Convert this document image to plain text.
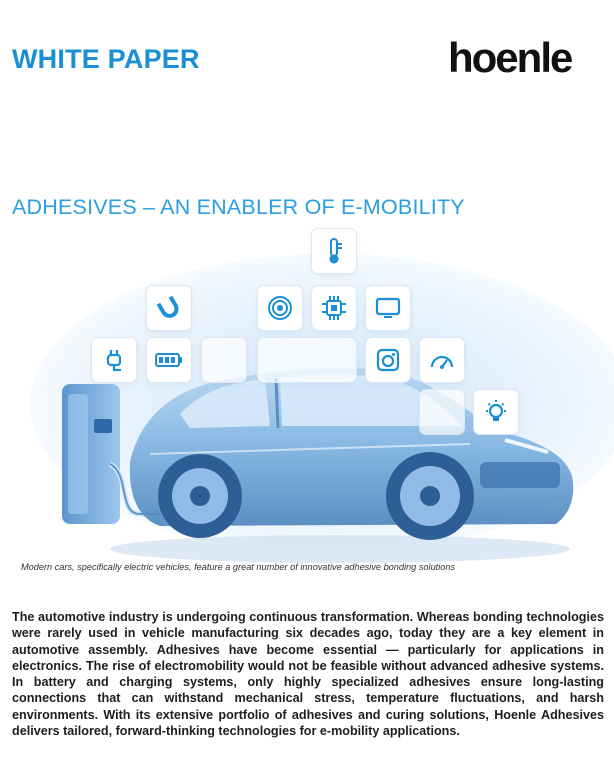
WHITE PAPER	hoenle
ADHESIVES – AN ENABLER OF E-MOBILITY
Modern cars, specifically electric vehicles, feature a great number of innovative adhesive bonding solutions

The automotive industry is undergoing continuous transformation. Whereas bonding technologies were rarely used in vehicle manufacturing six decades ago, today they are a key element in automotive assembly. Adhesives have become essential — particularly for applications in electronics. The rise of electromobility would not be feasible without advanced adhesive systems. In battery and charging systems, only highly specialized adhesives ensure long-lasting connections that can withstand mechanical stress, temperature fluctuations, and harsh environments. With its extensive portfolio of adhesives and curing solutions, Hoenle Adhesives delivers tailored, forward-thinking technologies for e-mobility applications.
